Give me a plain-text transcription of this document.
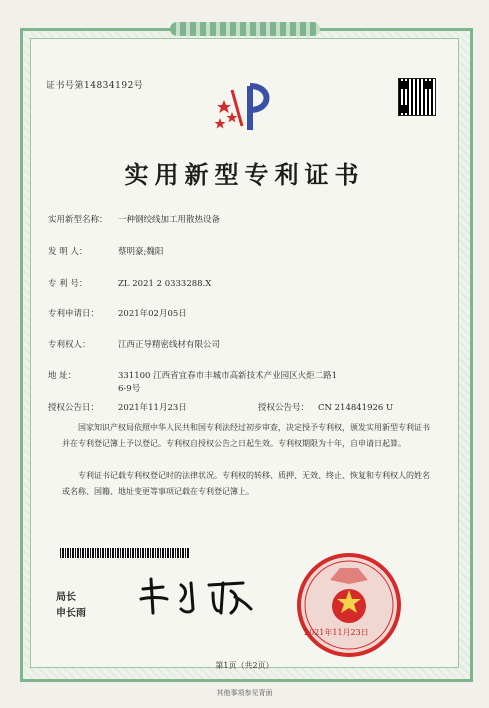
证书号第14834192号
实用新型专利证书
实用新型名称： 一种钢绞线加工用散热设备
发 明 人：	蔡明豪;魏阳
专 利 号：	ZL 2021 2 0333288.X
专利申请日： 2021年02月05日
专利权人：	江西正导精密线材有限公司
地 址：	331100 江西省宜春市丰城市高新技术产业园区火炬二路1
6-9号
授权公告日： 2021年11月23日	授权公告号： CN 214841926 U
国家知识产权局依照中华人民共和国专利法经过初步审查，决定授予专利权，颁发实用新型专利证书并在专利登记簿上予以登记。专利权自授权公告之日起生效。专利权期限为十年，自申请日起算。
专利证书记载专利权登记时的法律状况。专利权的转移、质押、无效、终止、恢复和专利权人的姓名或名称、国籍、地址变更等事项记载在专利登记簿上。
局长
申长雨
2021年11月23日
第1页（共2页）
其他事项参见背面
